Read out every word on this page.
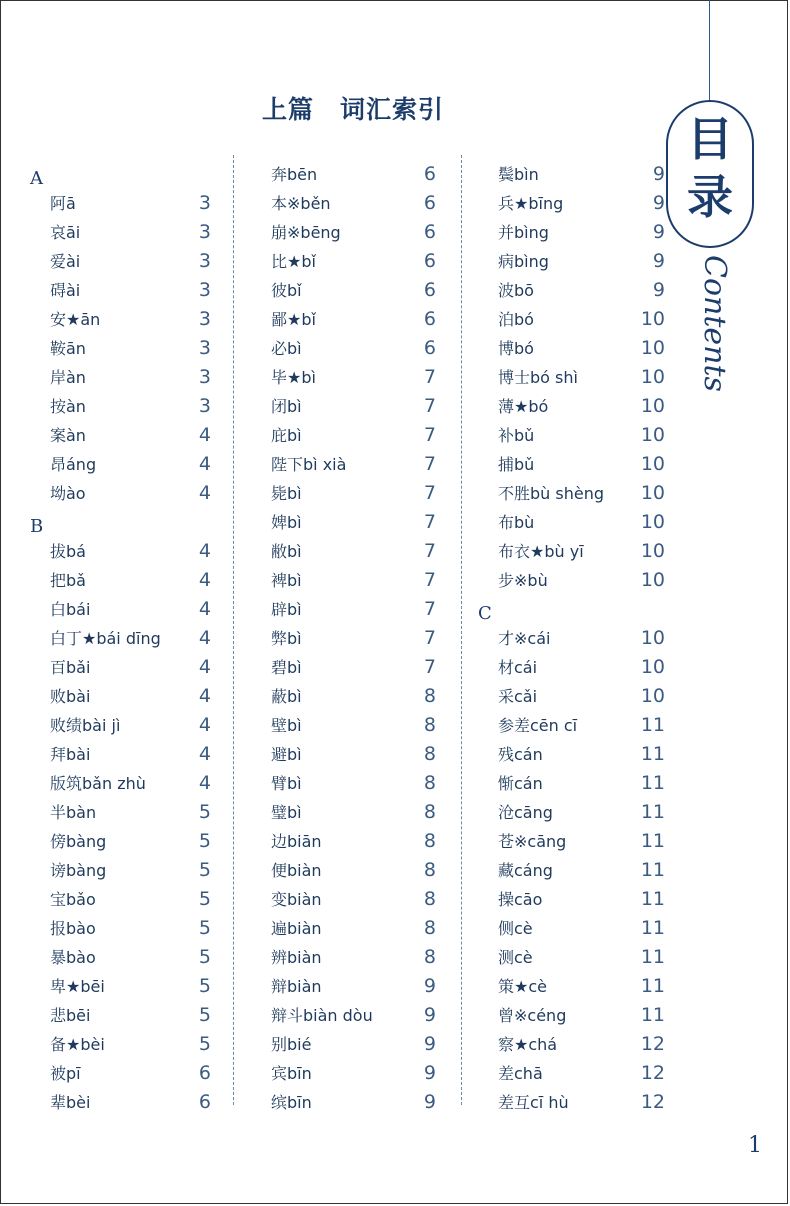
上篇　词汇索引
目录
Contents
A
阿ā	3
哀āi	3
爱ài	3
碍ài	3
安★ān	3
鞍ān	3
岸àn	3
按àn	3
案àn	4
昂áng	4
坳ào	4
B
拔bá	4
把bǎ	4
白bái	4
白丁★bái dīng 4
百bǎi	4
败bài	4
败绩bài jì	4
拜bài	4
版筑bǎn zhù	4
半bàn	5
傍bàng	5
谤bàng	5
宝bǎo	5
报bào	5
暴bào	5
卑★bēi	5
悲bēi	5
备★bèi	5
被pī	6
辈bèi	6
奔bēn	6
本※běn	6
崩※bēng	6
比★bǐ	6
彼bǐ	6
鄙★bǐ	6
必bì	6
毕★bì	7
闭bì	7
庇bì	7
陛下bì xià	7
毙bì	7
婢bì	7
敝bì	7
裨bì	7
辟bì	7
弊bì	7
碧bì	7
蔽bì	8
壁bì	8
避bì	8
臂bì	8
璧bì	8
边biān	8
便biàn	8
变biàn	8
遍biàn	8
辨biàn	8
辩biàn	9
辩斗biàn dòu	9
别bié	9
宾bīn	9
缤bīn	9
鬓bìn	9
兵★bīng	9
并bìng	9
病bìng	9
波bō	9
泊bó	10
博bó	10
博士bó shì	10
薄★bó	10
补bǔ	10
捕bǔ	10
不胜bù shèng 10
布bù	10
布衣★bù yī	10
步※bù	10
C
才※cái	10
材cái	10
采cǎi	10
参差cēn cī	11
残cán	11
惭cán	11
沧cāng	11
苍※cāng	11
藏cáng	11
操cāo	11
侧cè	11
测cè	11
策★cè	11
曾※céng	11
察★chá	12
差chā	12
差互cī hù	12
1
